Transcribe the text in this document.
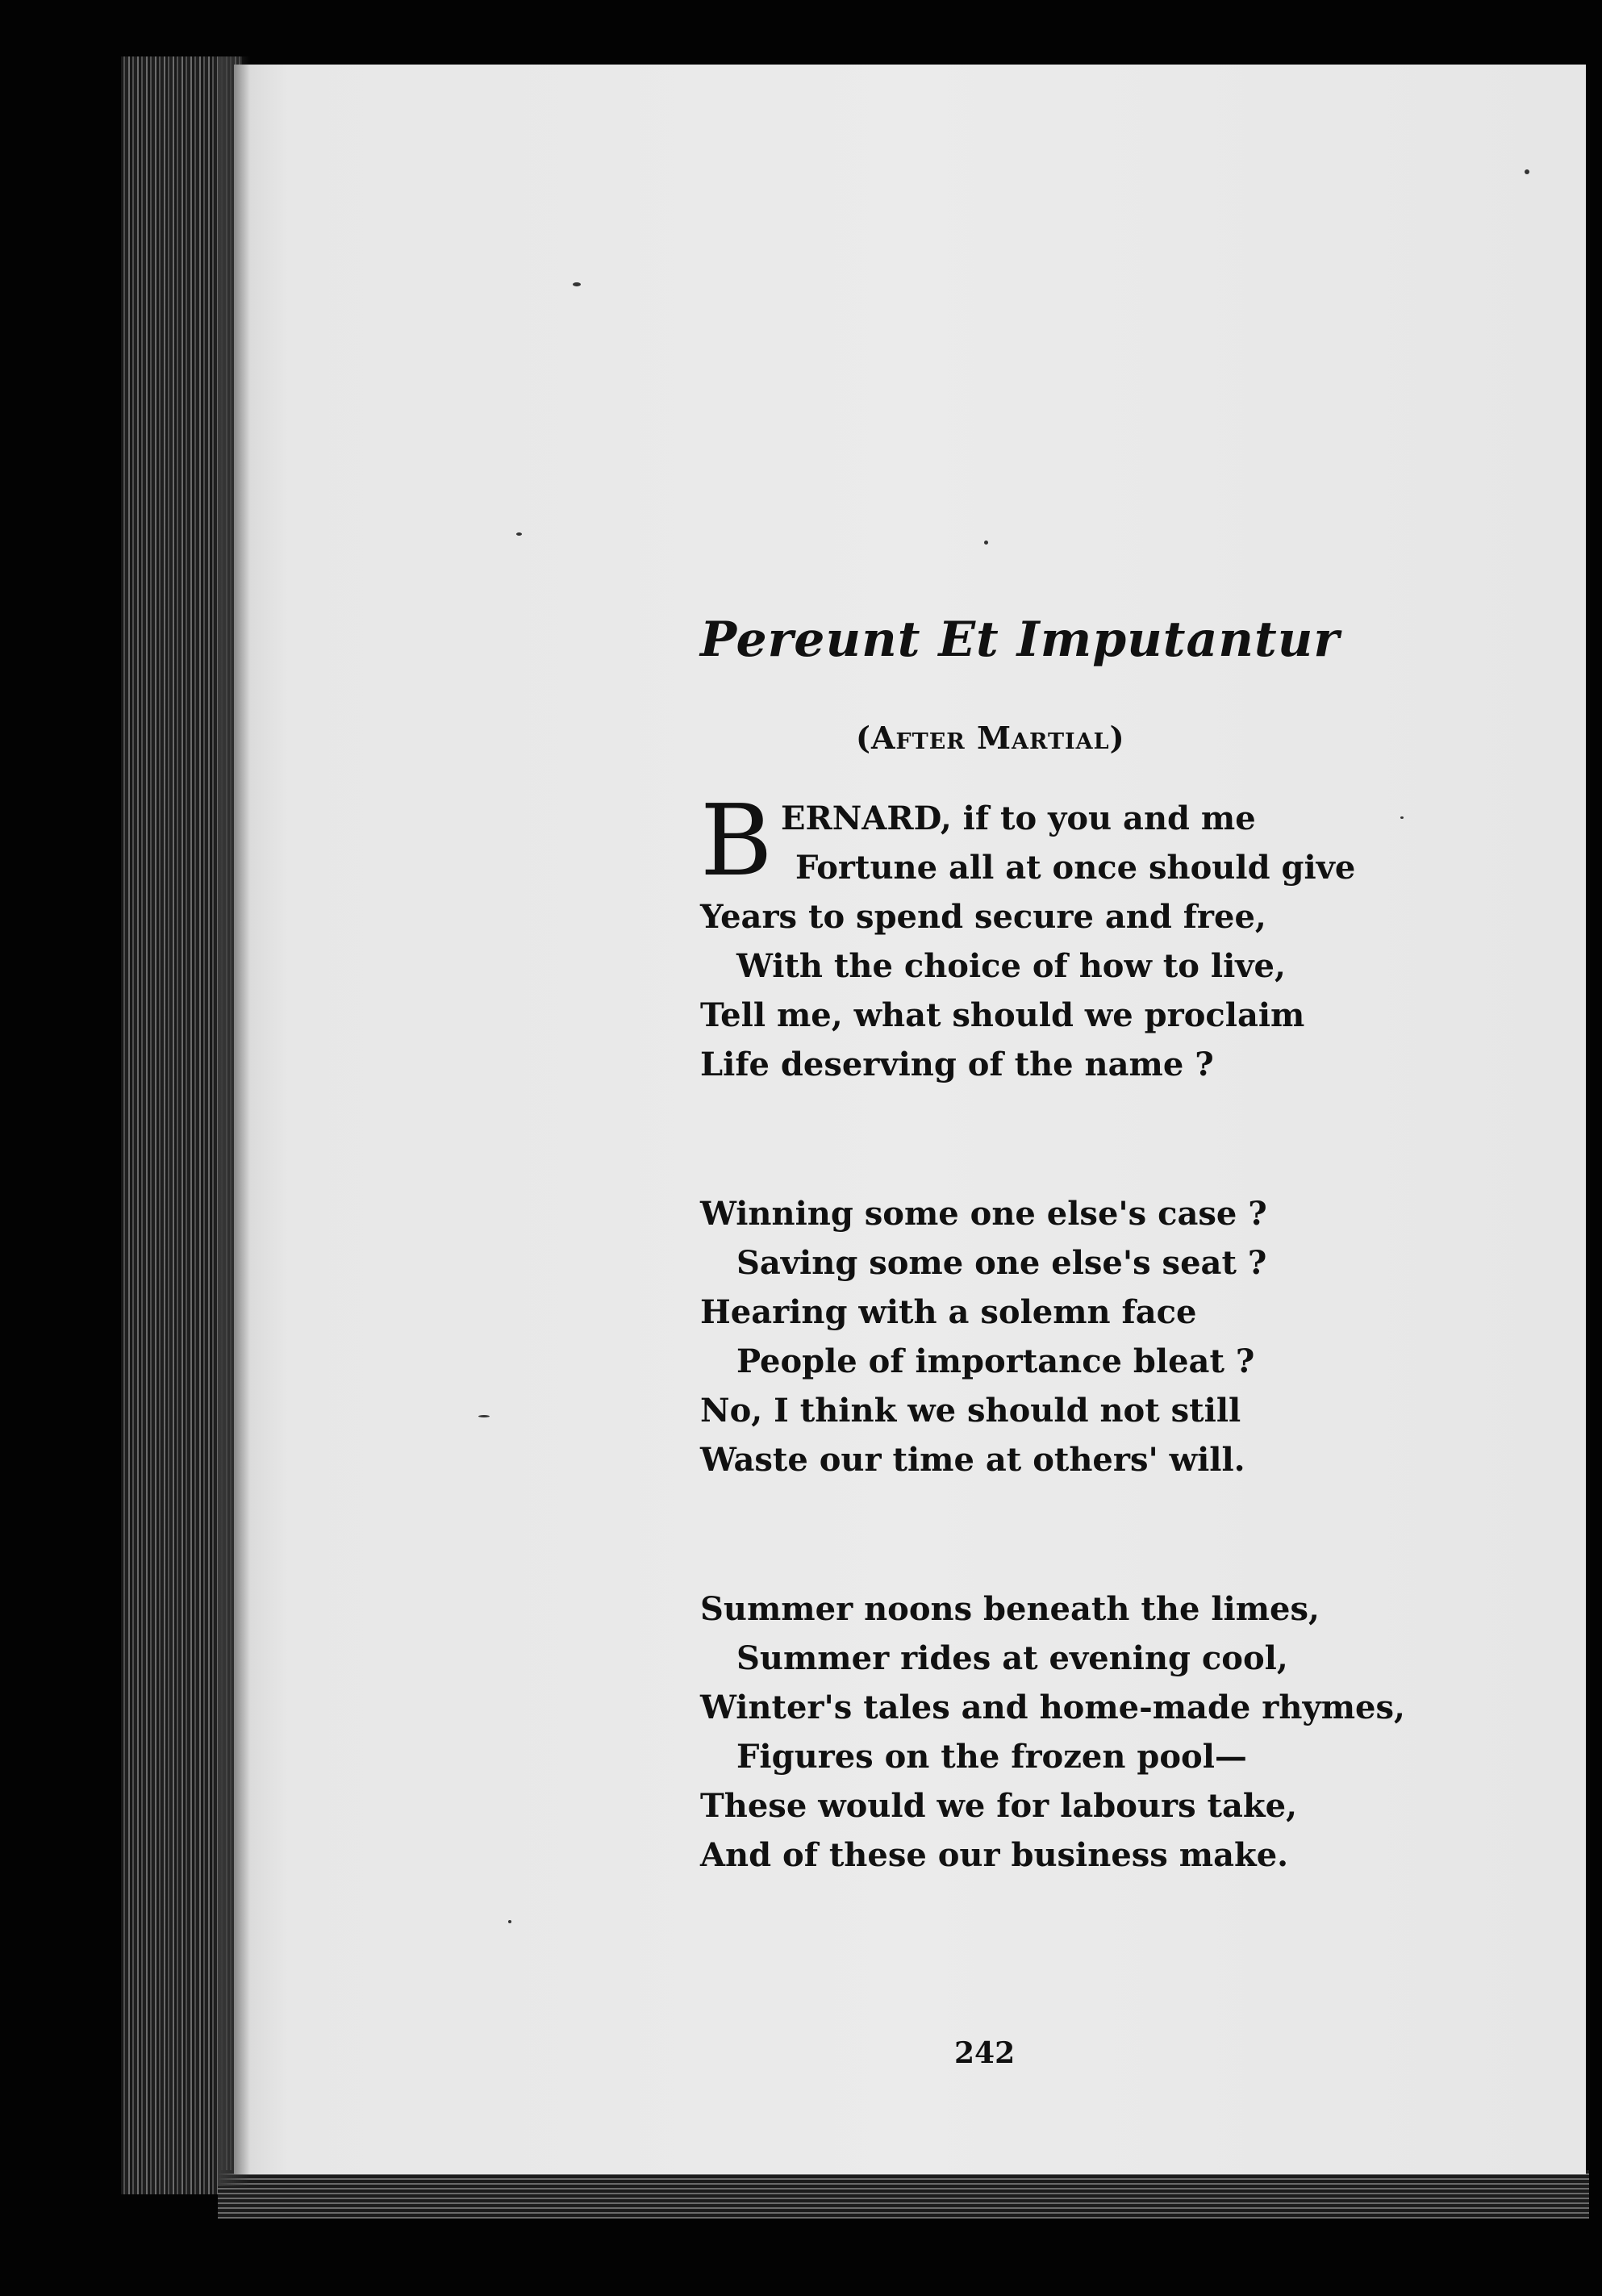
Pereunt Et Imputantur
(After Martial)
B ERNARD, if to you and me
Fortune all at once should give
Years to spend secure and free,
With the choice of how to live,
Tell me, what should we proclaim
Life deserving of the name ?
Winning some one else's case ?
Saving some one else's seat ?
Hearing with a solemn face
People of importance bleat ?
No, I think we should not still
Waste our time at others' will.
Summer noons beneath the limes,
Summer rides at evening cool,
Winter's tales and home-made rhymes,
Figures on the frozen pool—
These would we for labours take,
And of these our business make.
242
